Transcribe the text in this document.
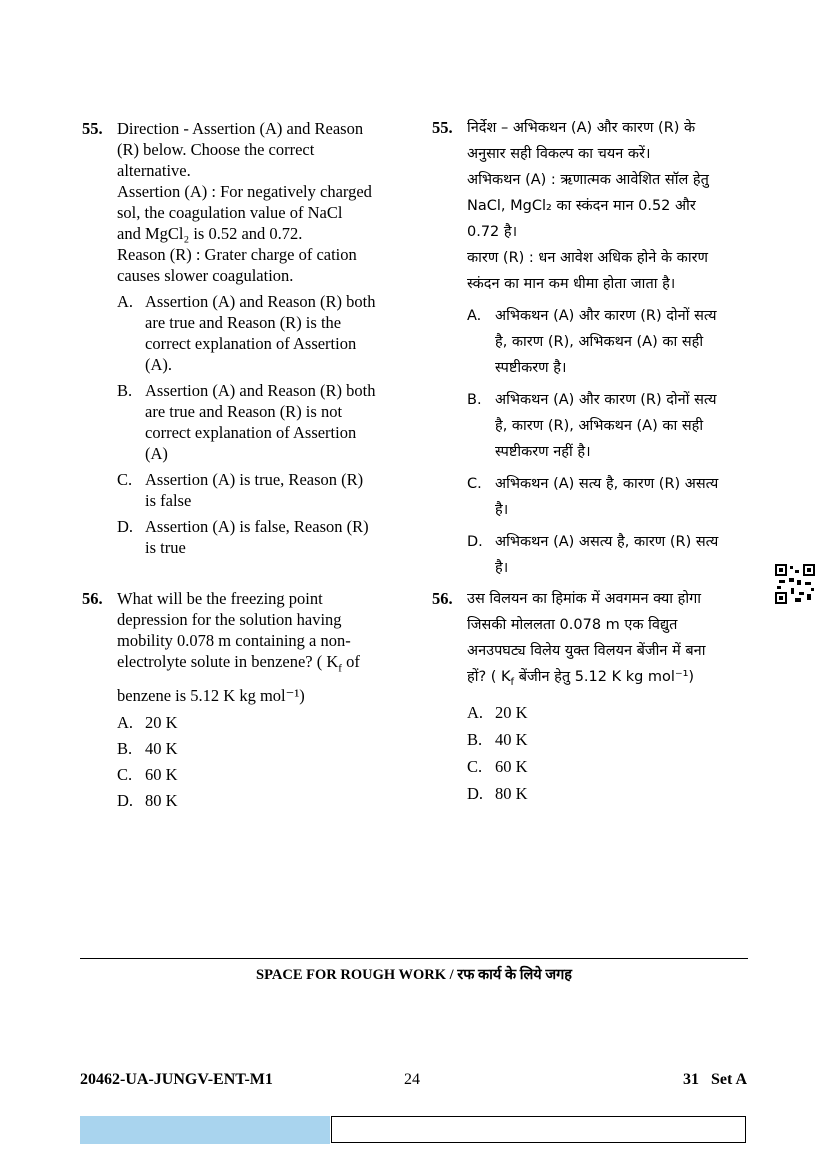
55. Direction - Assertion (A) and Reason

(R) below. Choose the correct

alternative.

Assertion (A) : For negatively charged

sol, the coagulation value of NaCl

and MgCl₂ is 0.52 and 0.72.

Reason (R) : Grater charge of cation

causes slower coagulation.

A. Assertion (A) and Reason (R) both
are true and Reason (R) is the
correct explanation of Assertion
(A).
B. Assertion (A) and Reason (R) both
are true and Reason (R) is not
correct explanation of Assertion
(A)
C. Assertion (A) is true, Reason (R)
is false
D. Assertion (A) is false, Reason (R)
is true
55. निर्देश – अभिकथन (A) और कारण (R) के

अनुसार सही विकल्प का चयन करें।

अभिकथन (A) : ऋणात्मक आवेशित सॉल हेतु

NaCl, MgCl₂ का स्कंदन मान 0.52 और

0.72 है।

कारण (R) : धन आवेश अधिक होने के कारण

स्कंदन का मान कम धीमा होता जाता है।

A. अभिकथन (A) और कारण (R) दोनों सत्य
है, कारण (R), अभिकथन (A) का सही
स्पष्टीकरण है।
B. अभिकथन (A) और कारण (R) दोनों सत्य
है, कारण (R), अभिकथन (A) का सही
स्पष्टीकरण नहीं है।
C. अभिकथन (A) सत्य है, कारण (R) असत्य
है।
D. अभिकथन (A) असत्य है, कारण (R) सत्य
है।
56. What will be the freezing point

depression for the solution having

mobility 0.078 m containing a non-

electrolyte solute in benzene? ( $K_f$ of

benzene is 5.12 K kg mol⁻¹)

A. 20 K
B. 40 K
C. 60 K
D. 80 K
56. उस विलयन का हिमांक में अवगमन क्या होगा

जिसकी मोललता 0.078 m एक विद्युत

अनउपघट्य विलेय युक्त विलयन बेंजीन में बना

हों? ( $K_f$ बेंजीन हेतु 5.12 K kg mol⁻¹)

A. 20 K
B. 40 K
C. 60 K
D. 80 K
SPACE FOR ROUGH WORK / रफ कार्य के लिये जगह
20462-UA-JUNGV-ENT-M1	24	31   Set A
